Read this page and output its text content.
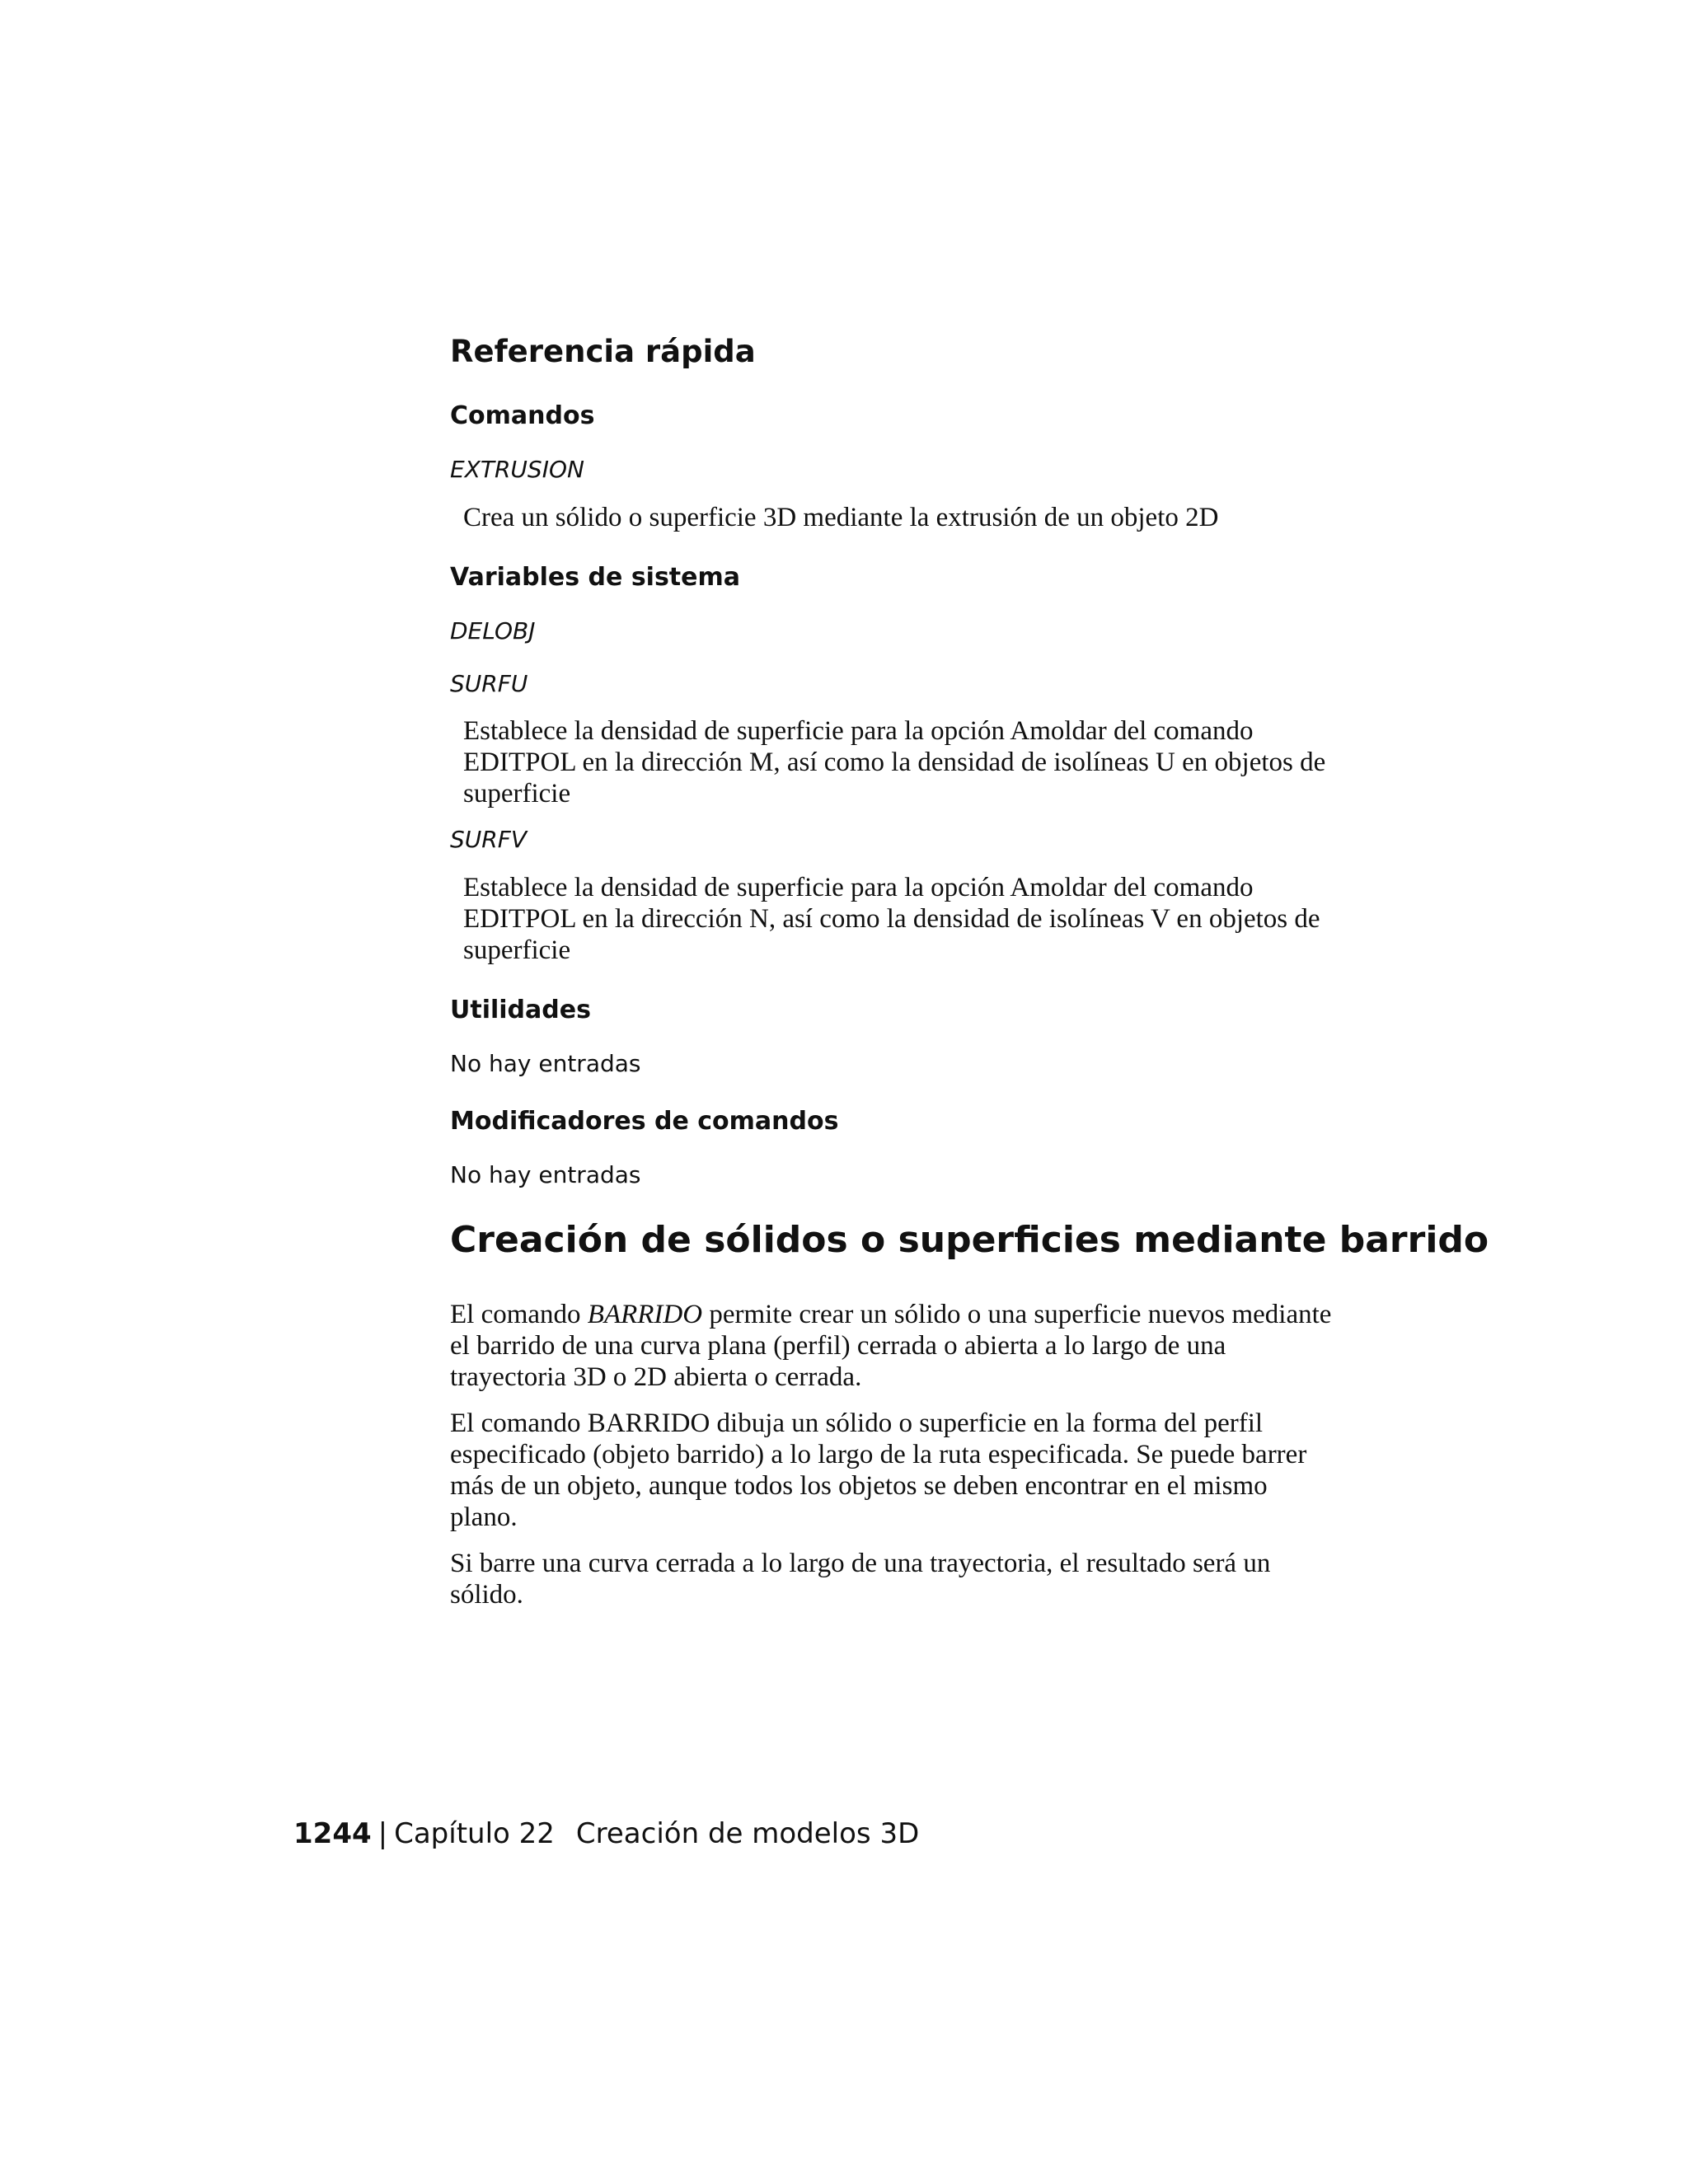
Referencia rápida
Comandos
EXTRUSION
Crea un sólido o superficie 3D mediante la extrusión de un objeto 2D
Variables de sistema
DELOBJ
SURFU
Establece la densidad de superficie para la opción Amoldar del comando EDITPOL en la dirección M, así como la densidad de isolíneas U en objetos de superficie
SURFV
Establece la densidad de superficie para la opción Amoldar del comando EDITPOL en la dirección N, así como la densidad de isolíneas V en objetos de superficie
Utilidades
No hay entradas
Modificadores de comandos
No hay entradas
Creación de sólidos o superficies mediante barrido

El comando BARRIDO permite crear un sólido o una superficie nuevos mediante el barrido de una curva plana (perfil) cerrada o abierta a lo largo de una trayectoria 3D o 2D abierta o cerrada.

El comando BARRIDO dibuja un sólido o superficie en la forma del perfil especificado (objeto barrido) a lo largo de la ruta especificada. Se puede barrer más de un objeto, aunque todos los objetos se deben encontrar en el mismo plano.

Si barre una curva cerrada a lo largo de una trayectoria, el resultado será un sólido.

1244 | Capítulo 22 Creación de modelos 3D
